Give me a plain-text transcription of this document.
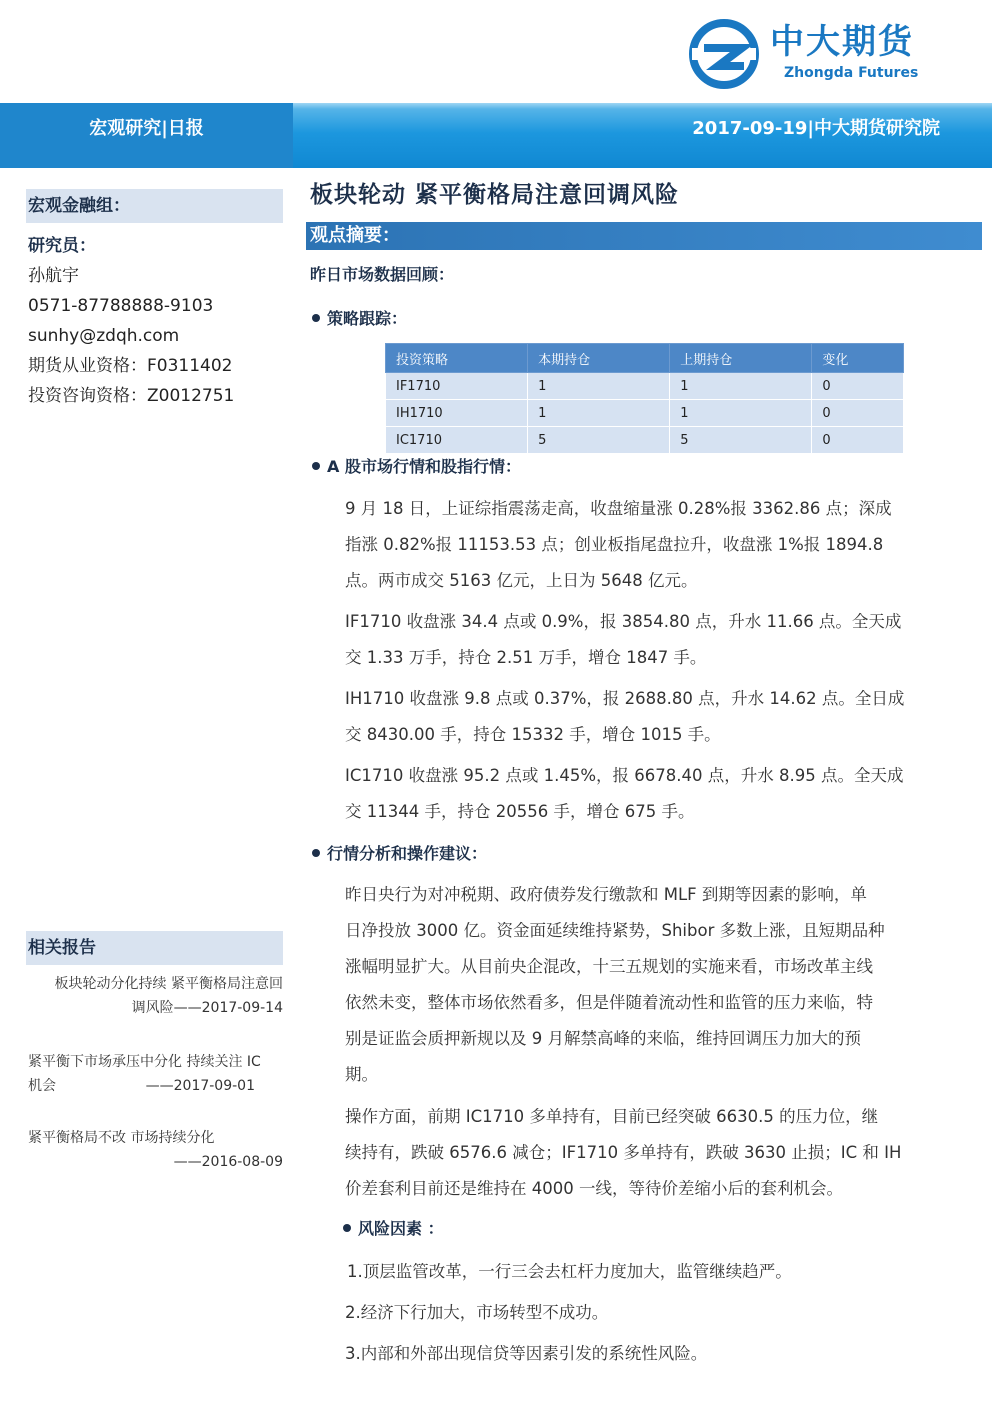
中大期货
Zhongda Futures
宏观研究|日报	2017-09-19|中大期货研究院
宏观金融组：
研究员：
孙航宇
0571-87788888-9103
sunhy@zdqh.com
期货从业资格：F0311402
投资咨询资格：Z0012751
相关报告
板块轮动分化持续 紧平衡格局注意回
调风险——2017-09-14
紧平衡下市场承压中分化 持续关注 IC
机会	——2017-09-01
紧平衡格局不改 市场持续分化
——2016-08-09
板块轮动 紧平衡格局注意回调风险
观点摘要：
昨日市场数据回顾：
策略跟踪：
投资策略	本期持仓	上期持仓	变化
IF1710	1	1	0
IH1710	1	1	0
IC1710	5	5	0
A 股市场行情和股指行情：
9 月 18 日，上证综指震荡走高，收盘缩量涨 0.28%报 3362.86 点；深成
指涨 0.82%报 11153.53 点；创业板指尾盘拉升，收盘涨 1%报 1894.8
点。两市成交 5163 亿元，上日为 5648 亿元。
IF1710 收盘涨 34.4 点或 0.9%，报 3854.80 点，升水 11.66 点。全天成
交 1.33 万手，持仓 2.51 万手，增仓 1847 手。
IH1710 收盘涨 9.8 点或 0.37%，报 2688.80 点，升水 14.62 点。全日成
交 8430.00 手，持仓 15332 手，增仓 1015 手。
IC1710 收盘涨 95.2 点或 1.45%，报 6678.40 点，升水 8.95 点。全天成
交 11344 手，持仓 20556 手，增仓 675 手。
行情分析和操作建议：
昨日央行为对冲税期、政府债券发行缴款和 MLF 到期等因素的影响，单
日净投放 3000 亿。资金面延续维持紧势，Shibor 多数上涨，且短期品种
涨幅明显扩大。从目前央企混改，十三五规划的实施来看，市场改革主线
依然未变，整体市场依然看多，但是伴随着流动性和监管的压力来临，特
别是证监会质押新规以及 9 月解禁高峰的来临，维持回调压力加大的预
期。
操作方面，前期 IC1710 多单持有，目前已经突破 6630.5 的压力位，继
续持有，跌破 6576.6 减仓；IF1710 多单持有，跌破 3630 止损；IC 和 IH
价差套利目前还是维持在 4000 一线，等待价差缩小后的套利机会。
风险因素 ：
1.顶层监管改革，一行三会去杠杆力度加大，监管继续趋严。
2.经济下行加大，市场转型不成功。
3.内部和外部出现信贷等因素引发的系统性风险。
